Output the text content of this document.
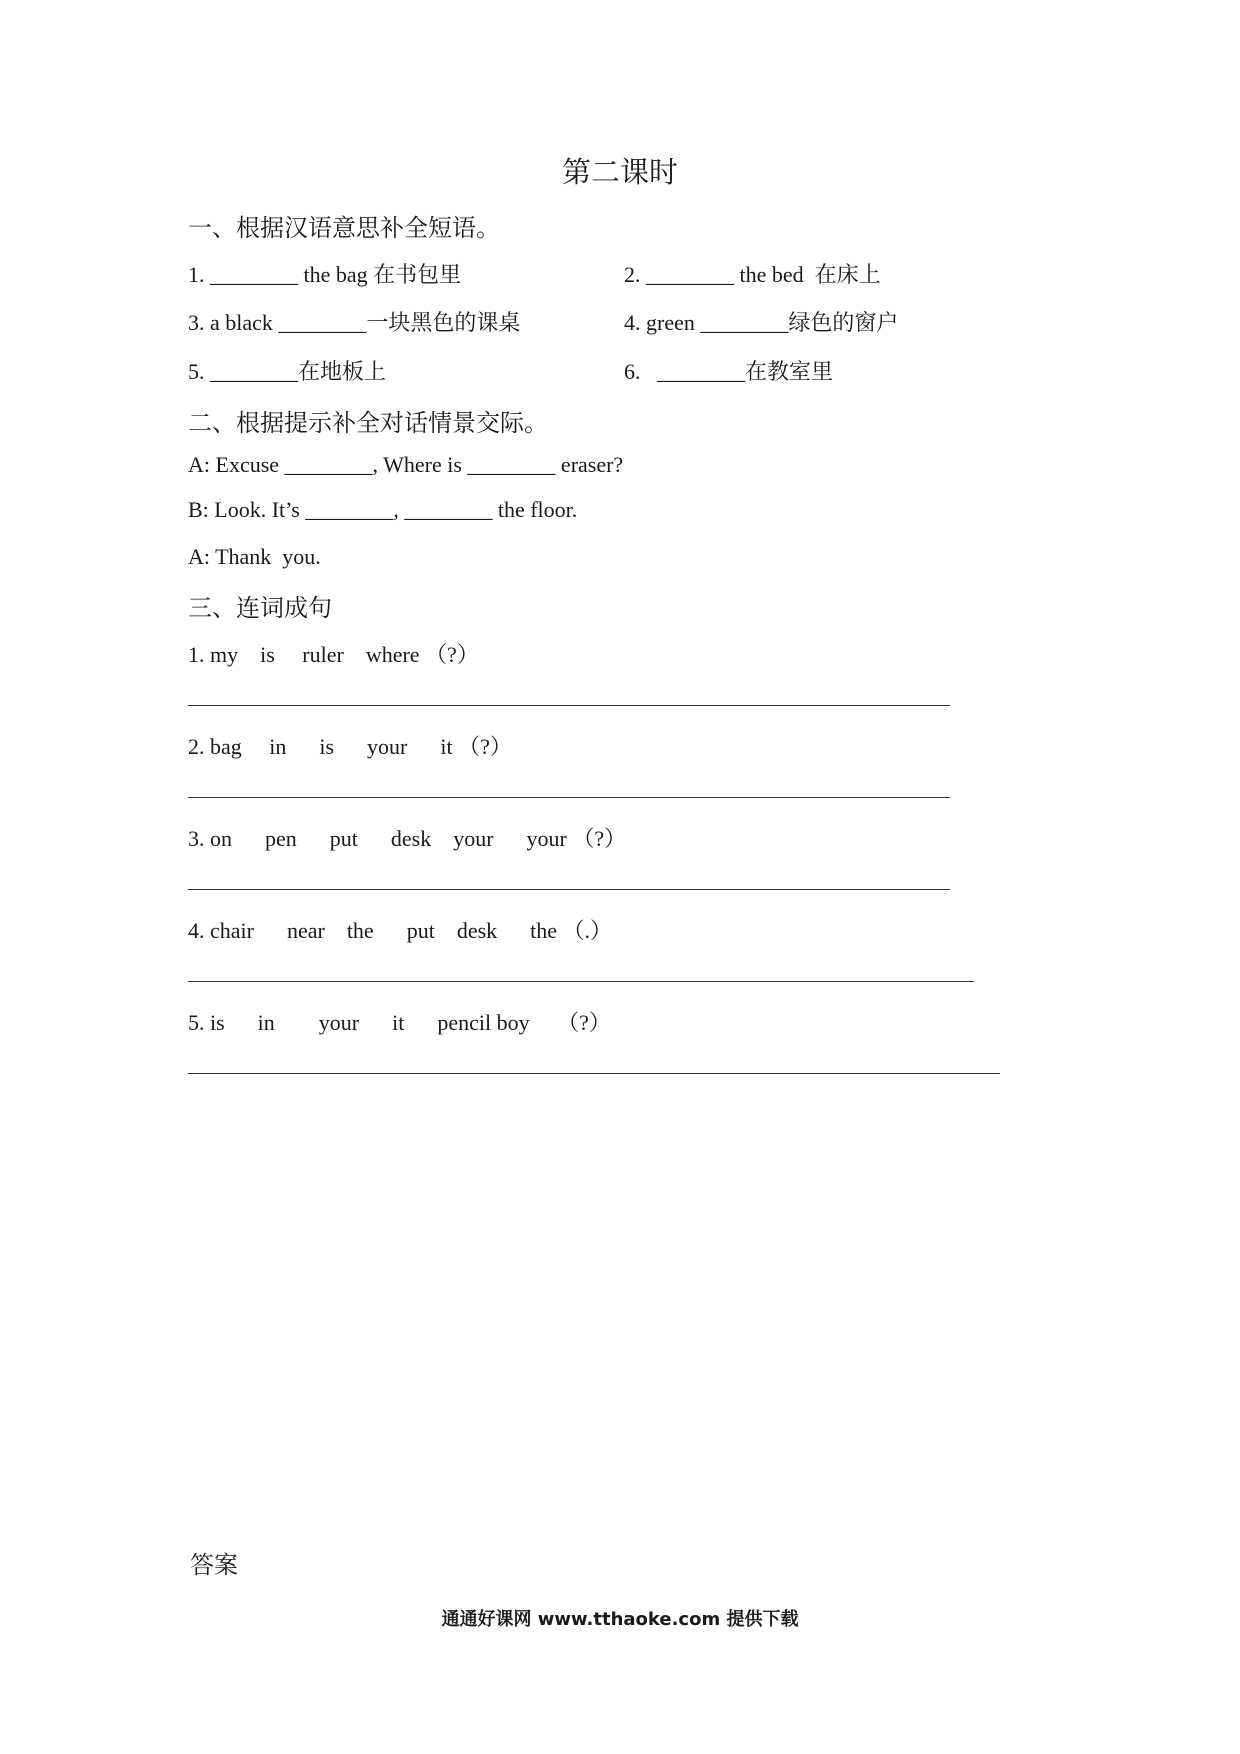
第二课时
一、根据汉语意思补全短语。
1. ________ the bag 在书包里	2. ________ the bed  在床上
3. a black ________一块黑色的课桌	4. green ________绿色的窗户
5. ________在地板上	6.   ________在教室里
二、根据提示补全对话情景交际。
A: Excuse ________, Where is ________ eraser?
B: Look. It’s ________, ________ the floor.
A: Thank  you.
三、连词成句
1. my    is     ruler    where （?）
2. bag     in      is      your      it （?）
3. on      pen      put      desk    your      your （?）
4. chair      near    the      put    desk      the （.）
5. is      in        your      it      pencil boy     （?）
答案
通通好课网 www.tthaoke.com 提供下载
